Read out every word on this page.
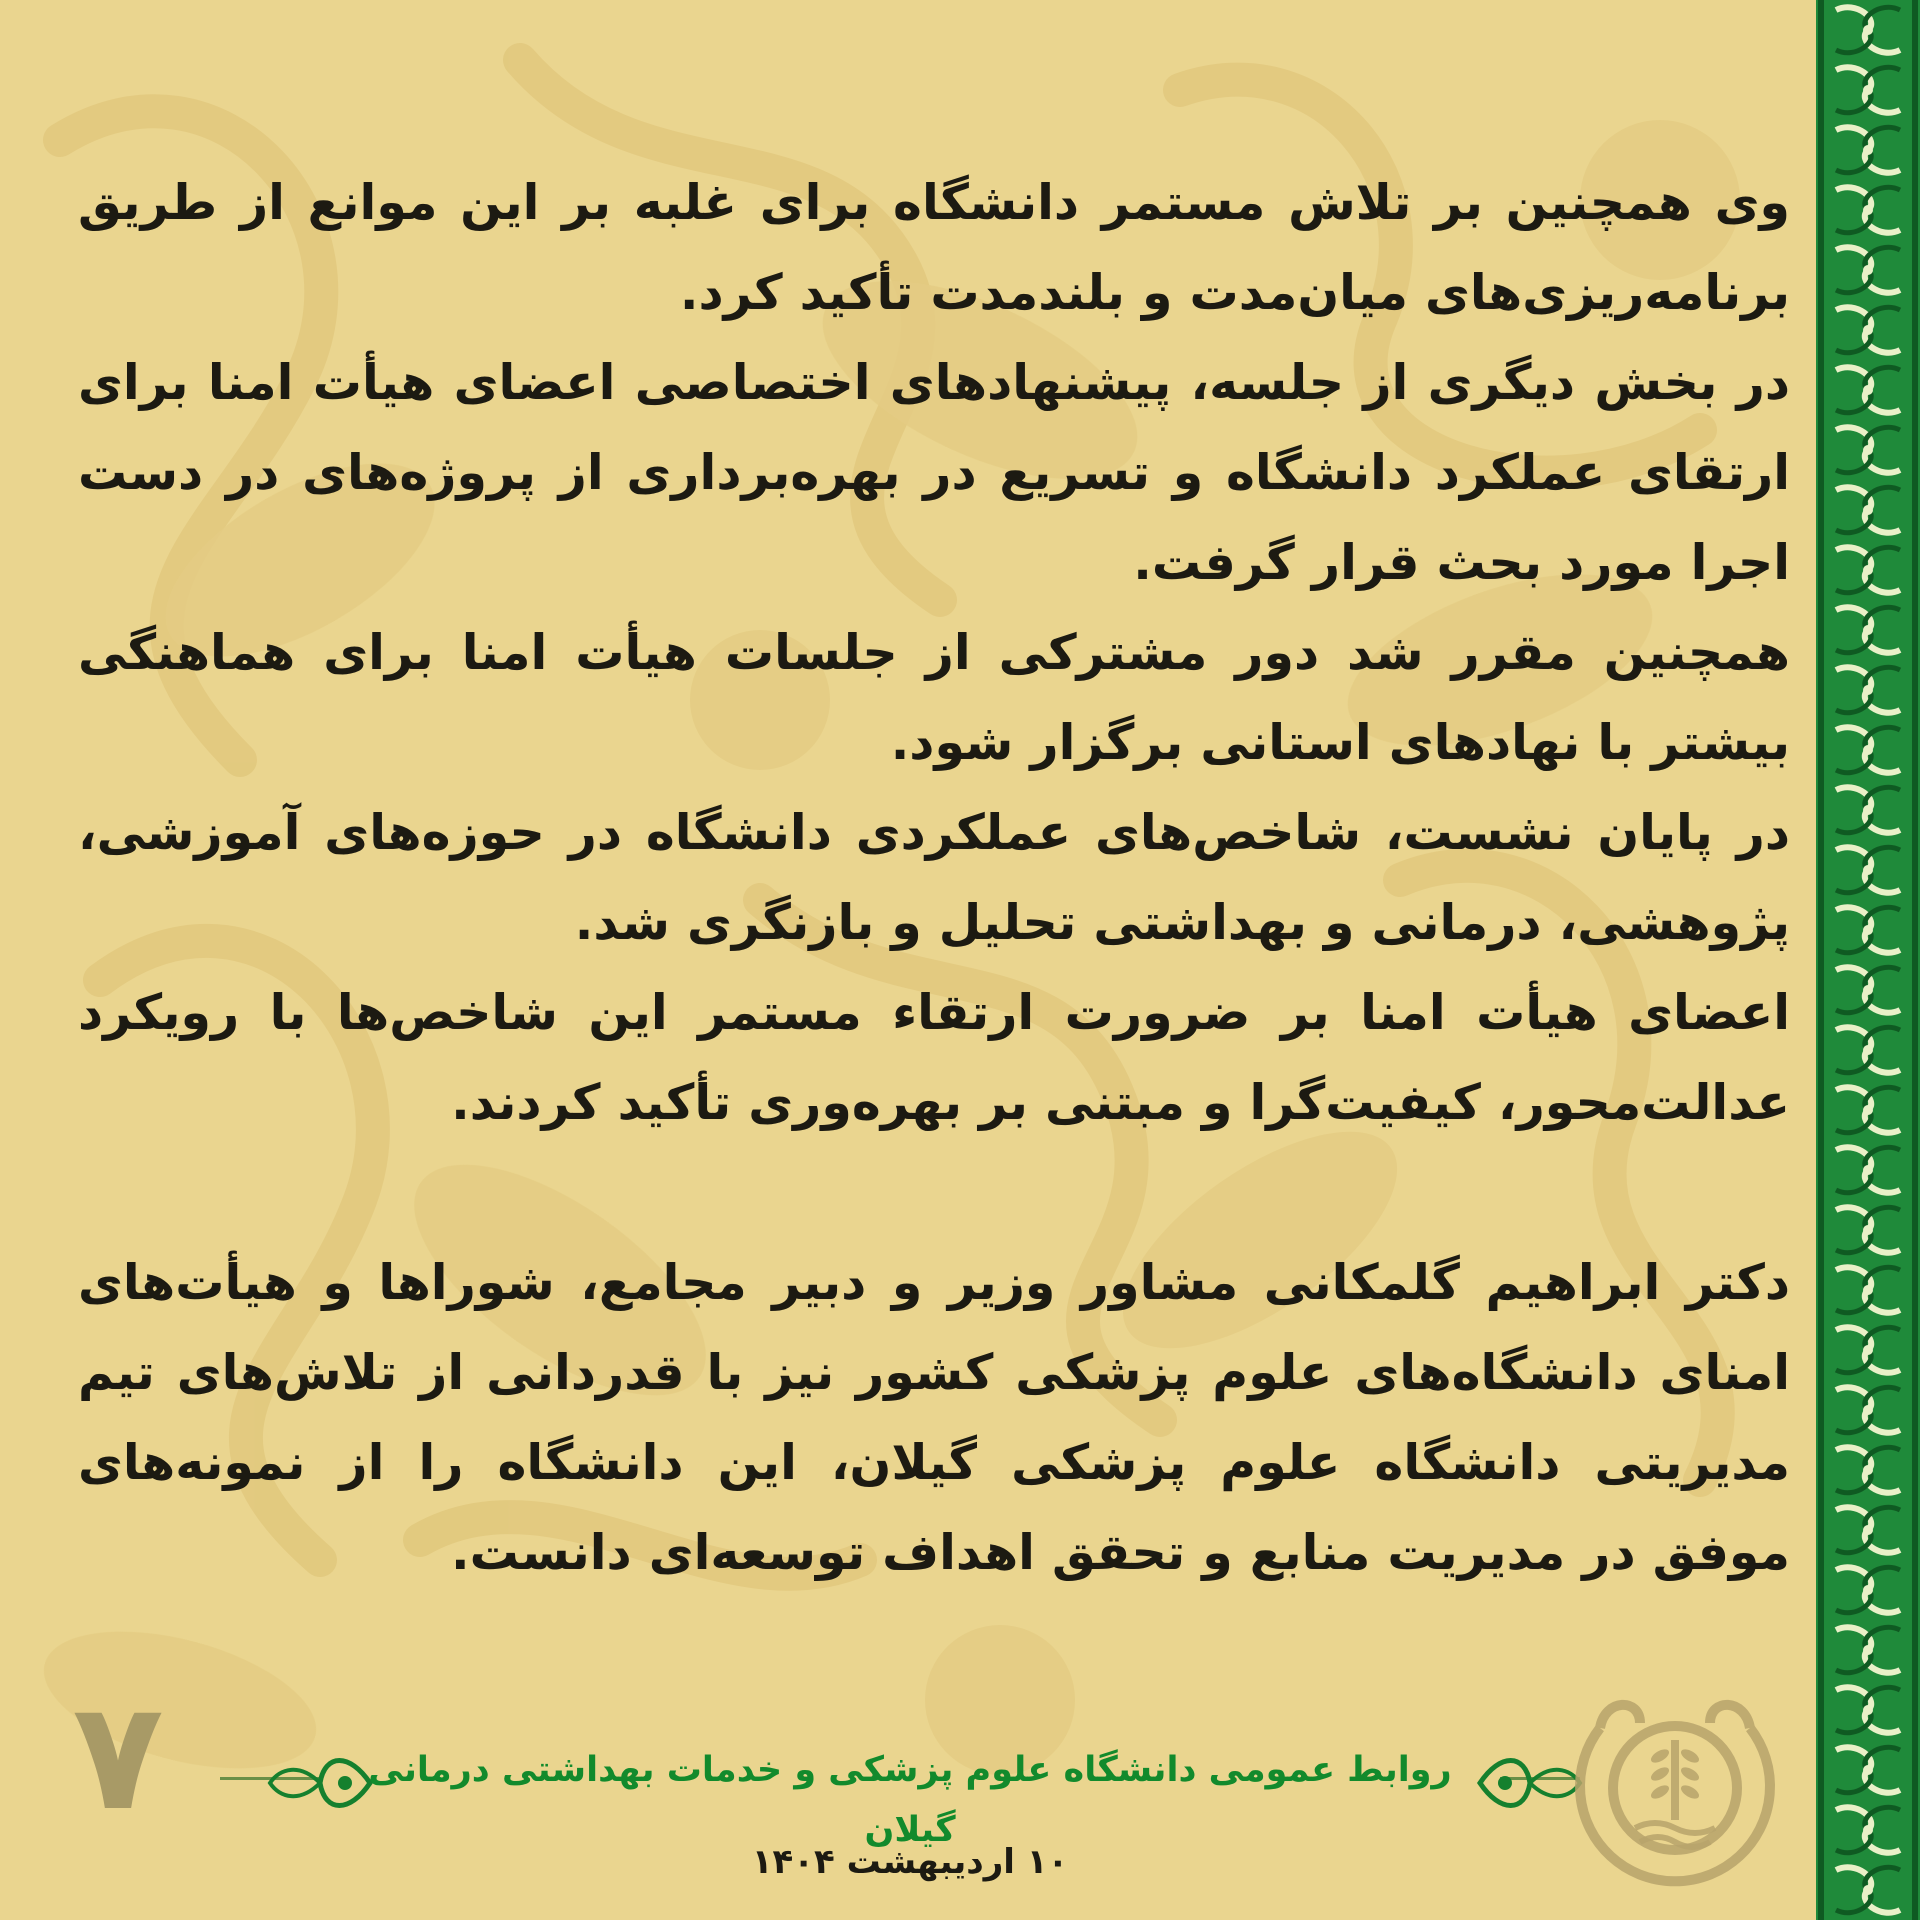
وی همچنین بر تلاش مستمر دانشگاه برای غلبه بر این موانع از طریق برنامه‌ریزی‌های میان‌مدت و بلندمدت تأکید کرد.

در بخش دیگری از جلسه، پیشنهادهای اختصاصی اعضای هیأت امنا برای ارتقای عملکرد دانشگاه و تسریع در بهره‌برداری از پروژه‌های در دست اجرا مورد بحث قرار گرفت.

همچنین مقرر شد دور مشترکی از جلسات هیأت امنا برای هماهنگی بیشتر با نهادهای استانی برگزار شود.

در پایان نشست، شاخص‌های عملکردی دانشگاه در حوزه‌های آموزشی، پژوهشی، درمانی و بهداشتی تحلیل و بازنگری شد.

اعضای هیأت امنا بر ضرورت ارتقاء مستمر این شاخص‌ها با رویکرد عدالت‌محور، کیفیت‌گرا و مبتنی بر بهره‌وری تأکید کردند.

دکتر ابراهیم گلمکانی مشاور وزیر و دبیر مجامع، شوراها و هیأت‌های امنای دانشگاه‌های علوم پزشکی کشور نیز با قدردانی از تلاش‌های تیم مدیریتی دانشگاه علوم پزشکی گیلان، این دانشگاه را از نمونه‌های موفق در مدیریت منابع و تحقق اهداف توسعه‌ای دانست.

۷	روابط عمومی دانشگاه علوم پزشکی و خدمات بهداشتی درمانی گیلان
۱۰ اردیبهشت ۱۴۰۴
